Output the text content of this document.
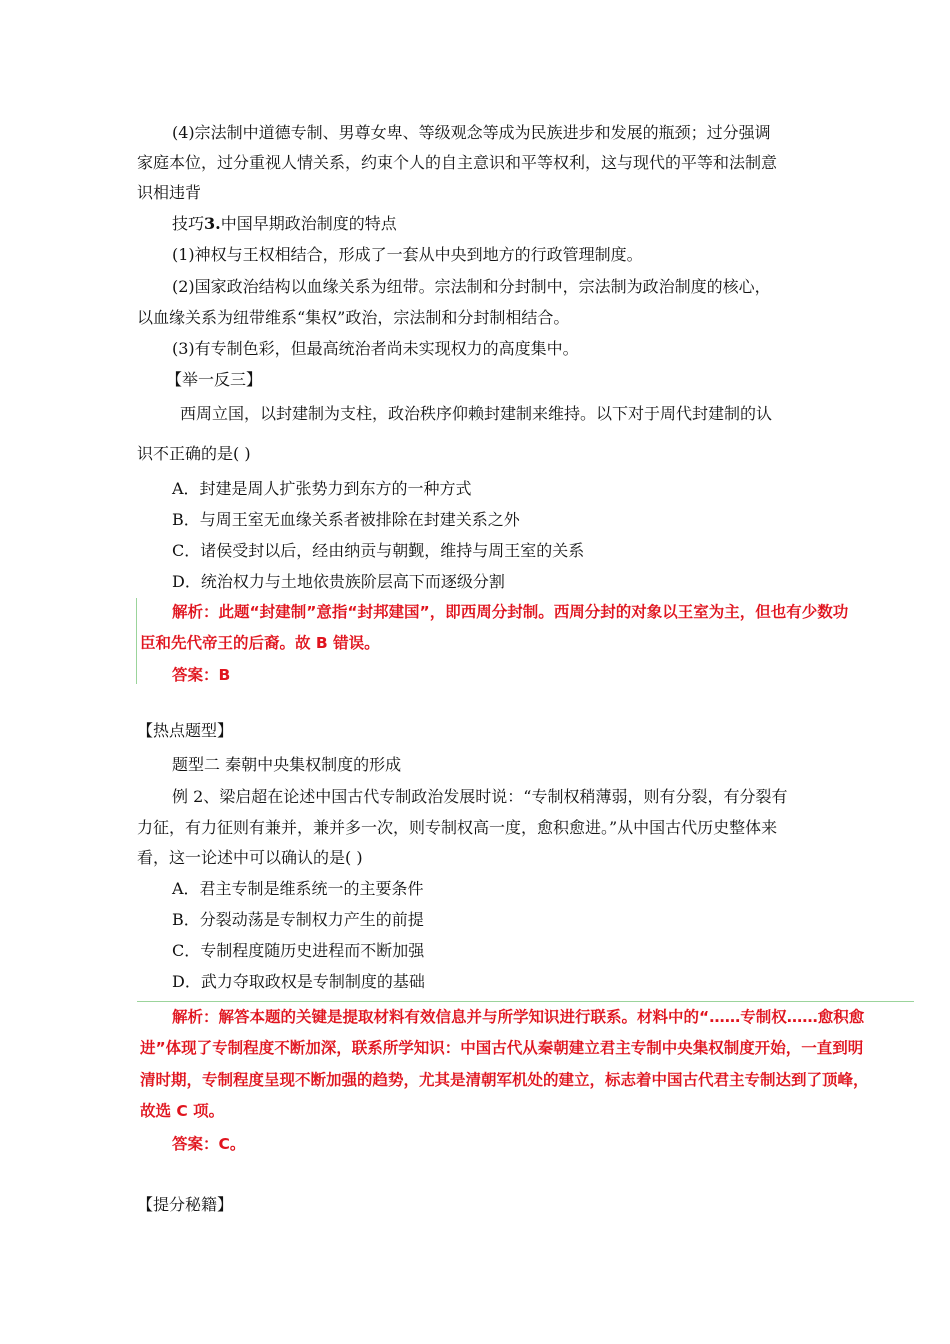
(4)宗法制中道德专制、男尊女卑、等级观念等成为民族进步和发展的瓶颈；过分强调
家庭本位，过分重视人情关系，约束个人的自主意识和平等权利，这与现代的平等和法制意
识相违背
技巧3.中国早期政治制度的特点
(1)神权与王权相结合，形成了一套从中央到地方的行政管理制度。
(2)国家政治结构以血缘关系为纽带。宗法制和分封制中，宗法制为政治制度的核心，
以血缘关系为纽带维系“集权”政治，宗法制和分封制相结合。
(3)有专制色彩，但最高统治者尚未实现权力的高度集中。
【举一反三】
西周立国，以封建制为支柱，政治秩序仰赖封建制来维持。以下对于周代封建制的认
识不正确的是( )
A．封建是周人扩张势力到东方的一种方式
B．与周王室无血缘关系者被排除在封建关系之外
C．诸侯受封以后，经由纳贡与朝觐，维持与周王室的关系
D．统治权力与土地依贵族阶层高下而逐级分割
解析：此题“封建制”意指“封邦建国”，即西周分封制。西周分封的对象以王室为主，但也有少数功
臣和先代帝王的后裔。故 B 错误。
答案：B
【热点题型】
题型二 秦朝中央集权制度的形成
例 2、梁启超在论述中国古代专制政治发展时说：“专制权稍薄弱，则有分裂，有分裂有
力征，有力征则有兼并，兼并多一次，则专制权高一度，愈积愈进。”从中国古代历史整体来
看，这一论述中可以确认的是( )
A．君主专制是维系统一的主要条件
B．分裂动荡是专制权力产生的前提
C．专制程度随历史进程而不断加强
D．武力夺取政权是专制制度的基础
解析：解答本题的关键是提取材料有效信息并与所学知识进行联系。材料中的“……专制权……愈积愈
进”体现了专制程度不断加深，联系所学知识：中国古代从秦朝建立君主专制中央集权制度开始，一直到明
清时期，专制程度呈现不断加强的趋势，尤其是清朝军机处的建立，标志着中国古代君主专制达到了顶峰，
故选 C 项。
答案：C。
【提分秘籍】
